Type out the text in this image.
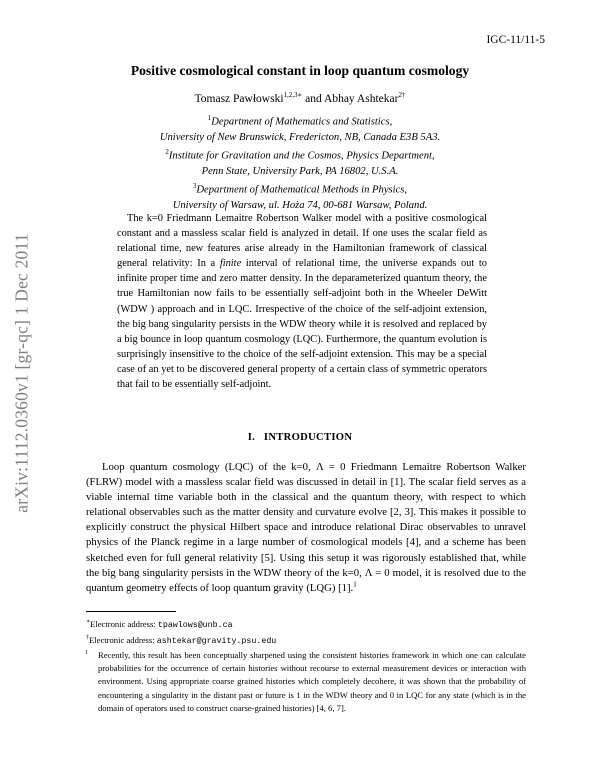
IGC-11/11-5
arXiv:1112.0360v1 [gr-qc] 1 Dec 2011
Positive cosmological constant in loop quantum cosmology
Tomasz Pawłowski$^{1,2,3∗}$ and Abhay Ashtekar$^{2\dagger}$
$^1$Department of Mathematics and Statistics,
University of New Brunswick, Fredericton, NB, Canada E3B 5A3.
$^2$Institute for Gravitation and the Cosmos, Physics Department,
Penn State, University Park, PA 16802, U.S.A.
$^3$Department of Mathematical Methods in Physics,
University of Warsaw, ul. Hoża 74, 00-681 Warsaw, Poland.

The k=0 Friedmann Lemaitre Robertson Walker model with a positive cosmological constant and a massless scalar field is analyzed in detail. If one uses the scalar field as relational time, new features arise already in the Hamiltonian framework of classical general relativity: In a finite interval of relational time, the universe expands out to infinite proper time and zero matter density. In the deparameterized quantum theory, the true Hamiltonian now fails to be essentially self-adjoint both in the Wheeler DeWitt (WDW ) approach and in LQC. Irrespective of the choice of the self-adjoint extension, the big bang singularity persists in the WDW theory while it is resolved and replaced by a big bounce in loop quantum cosmology (LQC). Furthermore, the quantum evolution is surprisingly insensitive to the choice of the self-adjoint extension. This may be a special case of an yet to be discovered general property of a certain class of symmetric operators that fail to be essentially self-adjoint.

I.   INTRODUCTION

Loop quantum cosmology (LQC) of the k=0, Λ = 0 Friedmann Lemaitre Robertson Walker (FLRW) model with a massless scalar field was discussed in detail in [1]. The scalar field serves as a viable internal time variable both in the classical and the quantum theory, with respect to which relational observables such as the matter density and curvature evolve [2, 3]. This makes it possible to explicitly construct the physical Hilbert space and introduce relational Dirac observables to unravel physics of the Planck regime in a large number of cosmological models [4], and a scheme has been sketched even for full general relativity [5]. Using this setup it was rigorously established that, while the big bang singularity persists in the WDW theory of the k=0, Λ = 0 model, it is resolved due to the quantum geometry effects of loop quantum gravity (LQG) [1].$^1$

∗Electronic address: tpawlows@unb.ca
†Electronic address: ashtekar@gravity.psu.edu
1	Recently, this result has been conceptually sharpened using the consistent histories framework in which one can calculate probabilities for the occurrence of certain histories without recourse to external measurement devices or interaction with environment. Using appropriate coarse grained histories which completely decohere, it was shown that the probability of encountering a singularity in the distant past or future is 1 in the WDW theory and 0 in LQC for any state (which is in the domain of operators used to construct coarse-grained histories) [4, 6, 7].
